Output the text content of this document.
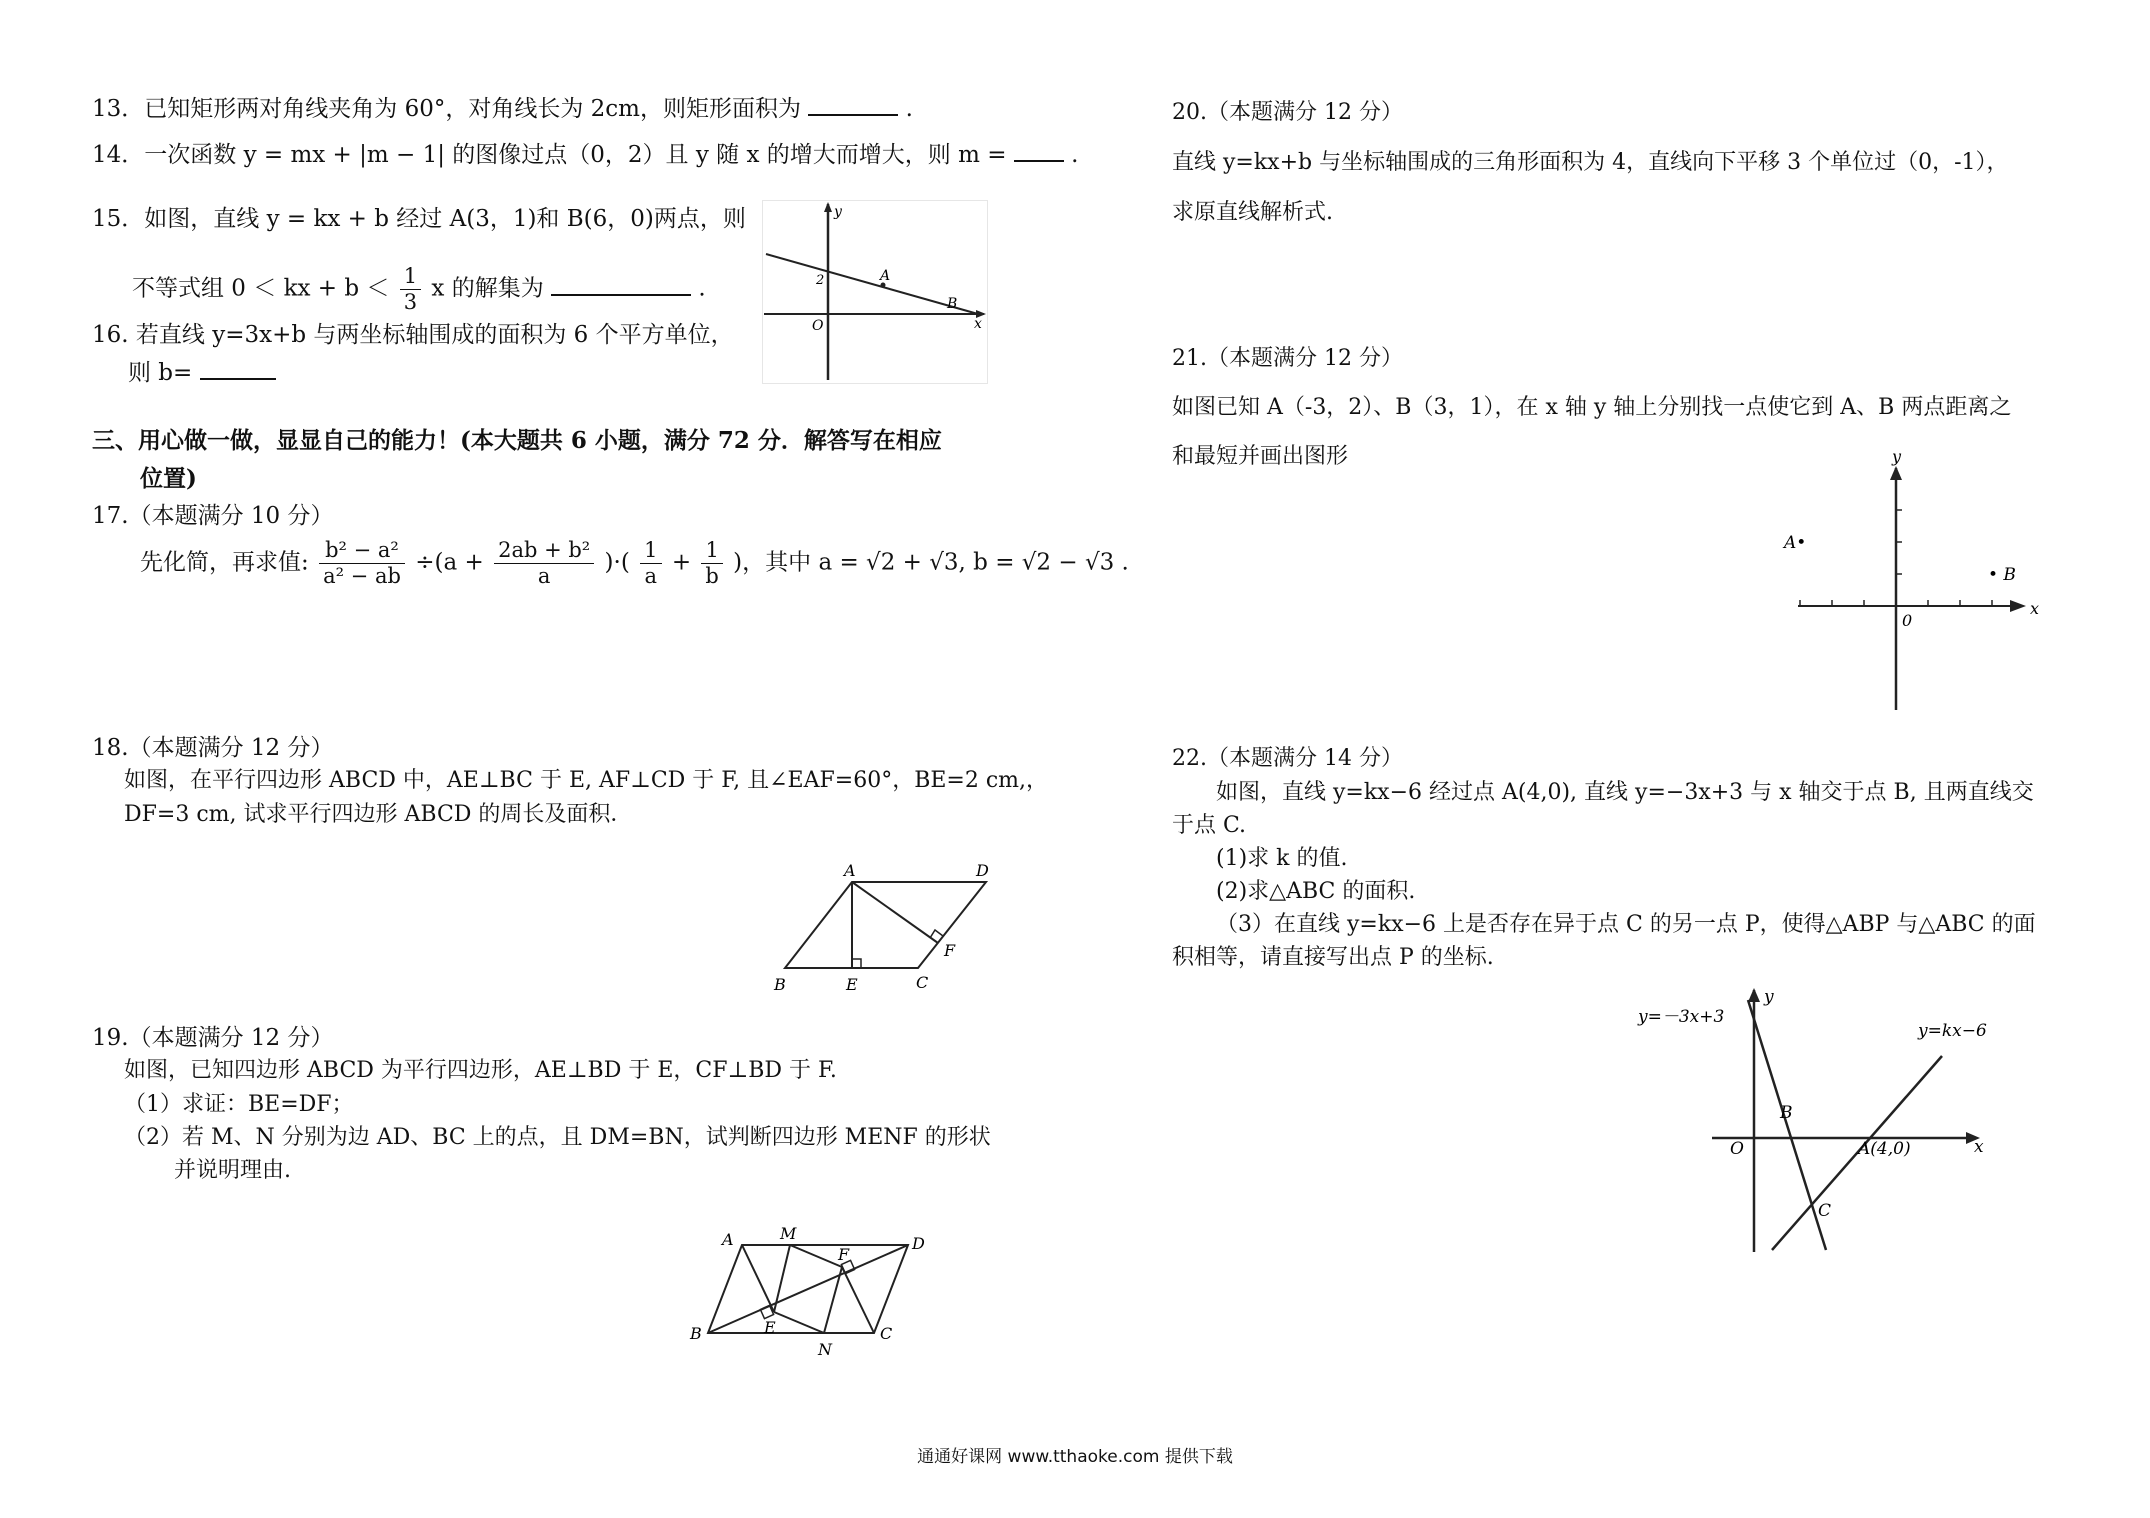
13．已知矩形两对角线夹角为 60°，对角线长为 2cm，则矩形面积为	.
14．一次函数 y = mx + |m − 1| 的图像过点（0，2）且 y 随 x 的增大而增大，则 m =	.
15．如图，直线 y = kx + b 经过 A(3，1)和 B(6，0)两点，则
不等式组 0 ＜ kx + $b < \frac{1}{3}$ x 的解集为	.
16. 若直线 y=3x+b 与两坐标轴围成的面积为 6 个平方单位，
则 b=
y
x
O
2	A
B
三、用心做一做，显显自己的能力！(本大题共 6 小题，满分 72 分．解答写在相应
位置)
17.（本题满分 10 分）
先化简，再求值: $\frac{\text{b² − a²}}{\text{a² − ab}} \div(a + \frac{\text{2ab + b²}}{a}$ )·( $\frac{1}{a} + \frac{1}{b}$ )，其中 a = √2 + √3, b = √2 − √3 .
18.（本题满分 12 分）
如图，在平行四边形 ABCD 中，AE⊥BC 于 E, AF⊥CD 于 F, 且∠EAF=60°，BE=2 cm,，
DF=3 cm, 试求平行四边形 ABCD 的周长及面积．
A	D
B	E	C
F
19.（本题满分 12 分）
如图，已知四边形 ABCD 为平行四边形，AE⊥BD 于 E，CF⊥BD 于 F.
（1）求证：BE=DF；
（2）若 M、N 分别为边 AD、BC 上的点，且 DM=BN，试判断四边形 MENF 的形状
并说明理由.
A	M
D
F
B	E
N
C
20.（本题满分 12 分）
直线 y=kx+b 与坐标轴围成的三角形面积为 4，直线向下平移 3 个单位过（0，-1），
求原直线解析式.
21.（本题满分 12 分）
如图已知 A（-3，2）、B（3，1），在 x 轴 y 轴上分别找一点使它到 A、B 两点距离之
和最短并画出图形	y
x
0
A•
• B
22.（本题满分 14 分）
如图，直线 y=kx−6 经过点 A(4,0), 直线 y=−3x+3 与 x 轴交于点 B, 且两直线交
于点 C.
(1)求 k 的值.
(2)求△ABC 的面积.
（3）在直线 y=kx−6 上是否存在异于点 C 的另一点 P，使得△ABP 与△ABC 的面
积相等，请直接写出点 P 的坐标.
y=－3x+3
y=kx−6
y
x
O
B
A(4,0)
C
通通好课网 www.tthaoke.com 提供下载
